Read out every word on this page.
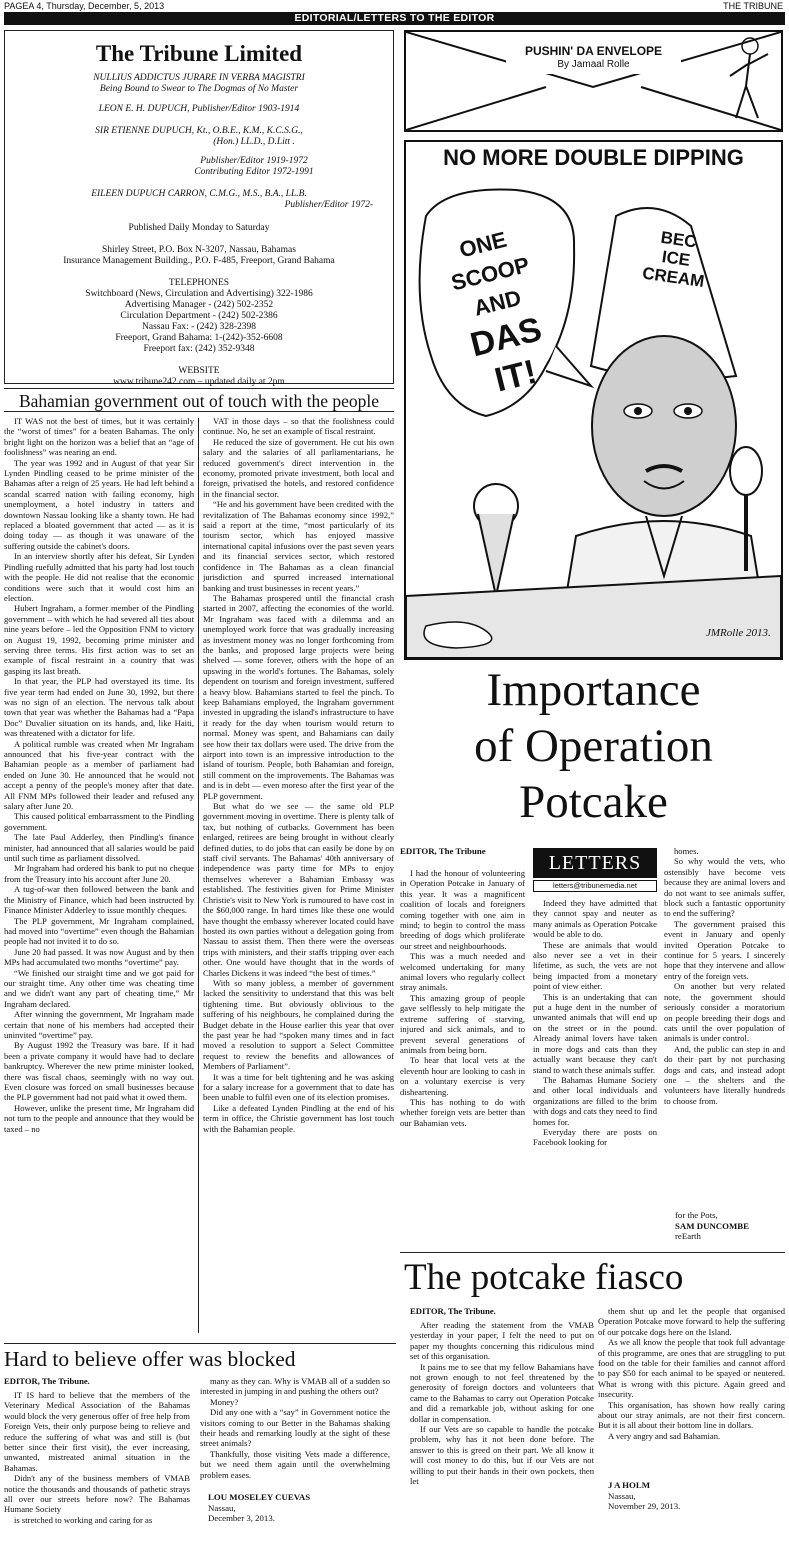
PAGEA 4, Thursday, December, 5, 2013	THE TRIBUNE
EDITORIAL/LETTERS TO THE EDITOR
The Tribune Limited
NULLIUS ADDICTUS JURARE IN VERBA MAGISTRI
Being Bound to Swear to The Dogmas of No Master
LEON E. H. DUPUCH, Publisher/Editor 1903-1914
SIR ETIENNE DUPUCH, Kt., O.B.E., K.M., K.C.S.G.,
(Hon.) LL.D., D.Litt .
Publisher/Editor 1919-1972
Contributing Editor 1972-1991
EILEEN DUPUCH CARRON, C.M.G., M.S., B.A., LL.B.
Publisher/Editor 1972-
Published Daily Monday to Saturday
Shirley Street, P.O. Box N-3207, Nassau, Bahamas
Insurance Management Building., P.O. F-485, Freeport, Grand Bahama
TELEPHONES
Switchboard (News, Circulation and Advertising) 322-1986
Advertising Manager - (242) 502-2352
Circulation Department - (242) 502-2386
Nassau Fax: - (242) 328-2398
Freeport, Grand Bahama: 1-(242)-352-6608
Freeport fax: (242) 352-9348
WEBSITE
www.tribune242.com – updated daily at 2pm
Bahamian government out of touch with the people

IT WAS not the best of times, but it was certainly the “worst of times” for a beaten Bahamas. The only bright light on the horizon was a belief that an “age of foolishness” was nearing an end.

The year was 1992 and in August of that year Sir Lynden Pindling ceased to be prime minister of the Bahamas after a reign of 25 years. He had left behind a scandal scarred nation with failing economy, high unemployment, a hotel industry in tatters and downtown Nassau looking like a shanty town. He had replaced a bloated government that acted — as it is doing today — as though it was unaware of the suffering outside the cabinet's doors.

In an interview shortly after his defeat, Sir Lynden Pindling ruefully admitted that his party had lost touch with the people. He did not realise that the economic conditions were such that it would cost him an election.

Hubert Ingraham, a former member of the Pindling government – with which he had severed all ties about nine years before – led the Opposition FNM to victory on August 19, 1992, becoming prime minister and serving three terms. His first action was to set an example of fiscal restraint in a country that was gasping its last breath.

In that year, the PLP had overstayed its time. Its five year term had ended on June 30, 1992, but there was no sign of an election. The nervous talk about town that year was whether the Bahamas had a “Papa Doc” Duvalier situation on its hands, and, like Haiti, was threatened with a dictator for life.

A political rumble was created when Mr Ingraham announced that his five-year contract with the Bahamian people as a member of parliament had ended on June 30. He announced that he would not accept a penny of the people's money after that date. All FNM MPs followed their leader and refused any salary after June 20.

This caused political embarrassment to the Pindling government.

The late Paul Adderley, then Pindling's finance minister, had announced that all salaries would be paid until such time as parliament dissolved.

Mr Ingraham had ordered his bank to put no cheque from the Treasury into his account after June 20.

A tug-of-war then followed between the bank and the Ministry of Finance, which had been instructed by Finance Minister Adderley to issue monthly cheques.

The PLP government, Mr Ingraham complained, had moved into “overtime” even though the Bahamian people had not invited it to do so.

June 20 had passed. It was now August and by then MPs had accumulated two months “overtime” pay.

“We finished our straight time and we got paid for our straight time. Any other time was cheating time and we didn't want any part of cheating time,” Mr Ingraham declared.

After winning the government, Mr Ingraham made certain that none of his members had accepted their uninvited “overtime” pay.

By August 1992 the Treasury was bare. If it had been a private company it would have had to declare bankruptcy. Wherever the new prime minister looked, there was fiscal chaos, seemingly with no way out. Even closure was forced on small businesses because the PLP government had not paid what it owed them.

However, unlike the present time, Mr Ingraham did not turn to the people and announce that they would be taxed – no

VAT in those days – so that the foolishness could continue. No, he set an example of fiscal restraint.

He reduced the size of government. He cut his own salary and the salaries of all parliamentarians, he reduced government's direct intervention in the economy, promoted private investment, both local and foreign, privatised the hotels, and restored confidence in the financial sector.

“He and his government have been credited with the revitalization of The Bahamas economy since 1992,” said a report at the time, “most particularly of its tourism sector, which has enjoyed massive international capital infusions over the past seven years and its financial services sector, which restored confidence in The Bahamas as a clean financial jurisdiction and spurred increased international banking and trust businesses in recent years.”

The Bahamas prospered until the financial crash started in 2007, affecting the economies of the world. Mr Ingraham was faced with a dilemma and an unemployed work force that was gradually increasing as investment money was no longer forthcoming from the banks, and proposed large projects were being shelved — some forever, others with the hope of an upswing in the world's fortunes. The Bahamas, solely dependent on tourism and foreign investment, suffered a heavy blow. Bahamians started to feel the pinch. To keep Bahamians employed, the Ingraham government invested in upgrading the island's infrastructure to have it ready for the day when tourism would return to normal. Money was spent, and Bahamians can daily see how their tax dollars were used. The drive from the airport into town is an impressive introduction to the island of tourism. People, both Bahamian and foreign, still comment on the improvements. The Bahamas was and is in debt — even moreso after the first year of the PLP government.

But what do we see — the same old PLP government moving in overtime. There is plenty talk of tax, but nothing of cutbacks. Government has been enlarged, retirees are being brought in without clearly defined duties, to do jobs that can easily be done by on staff civil servants. The Bahamas' 40th anniversary of independence was party time for MPs to enjoy themselves wherever a Bahamian Embassy was established. The festivities given for Prime Minister Christie's visit to New York is rumoured to have cost in the $60,000 range. In hard times like these one would have thought the embassy wherever located could have hosted its own parties without a delegation going from Nassau to assist them. Then there were the overseas trips with ministers, and their staffs tripping over each other. One would have thought that in the words of Charles Dickens it was indeed “the best of times.”

With so many jobless, a member of government lacked the sensitivity to understand that this was belt tightening time. But obviously oblivious to the suffering of his neighbours, he complained during the Budget debate in the House earlier this year that over the past year he had “spoken many times and in fact moved a resolution to support a Select Committee request to review the benefits and allowances of Members of Parliament”.

It was a time for belt tightening and he was asking for a salary increase for a government that to date has been unable to fulfil even one of its election promises.

Like a defeated Lynden Pindling at the end of his term in office, the Christie government has lost touch with the Bahamian people.

PUSHIN' DA ENVELOPE
By Jamaal Rolle
NO MORE DOUBLE DIPPING
ONE
SCOOP AND
DAS
IT!
BEC
ICE
CREAM
JMRolle 2013.
Importance
of Operation
Potcake
EDITOR, The Tribune

I had the honour of volunteering in Operation Potcake in January of this year. It was a magnificent coalition of locals and foreigners coming together with one aim in mind; to begin to control the mass breeding of dogs which proliferate our street and neighbourhoods.

This was a much needed and welcomed undertaking for many animal lovers who regularly collect stray animals.

This amazing group of people gave selflessly to help mitigate the extreme suffering of starving, injured and sick animals, and to prevent several generations of animals from being born.

To hear that local vets at the eleventh hour are looking to cash in on a voluntary exercise is very disheartening.

This has nothing to do with whether foreign vets are better than our Bahamian vets.

LETTERS
letters@tribunemedia.net

Indeed they have admitted that they cannot spay and neuter as many animals as Operation Potcake would be able to do.

These are animals that would also never see a vet in their lifetime, as such, the vets are not being impacted from a monetary point of view either.

This is an undertaking that can put a huge dent in the number of unwanted animals that will end up on the street or in the pound. Already animal lovers have taken in more dogs and cats than they actually want because they can't stand to watch these animals suffer.

The Bahamas Humane Society and other local individuals and organizations are filled to the brim with dogs and cats they need to find homes for.

Everyday there are posts on Facebook looking for

homes.

So why would the vets, who ostensibly have become vets because they are animal lovers and do not want to see animals suffer, block such a fantastic opportunity to end the suffering?

The government praised this event in January and openly invited Operation Potcake to continue for 5 years. I sincerely hope that they intervene and allow entry of the foreign vets.

On another but very related note, the government should seriously consider a moratorium on people breeding their dogs and cats until the over population of animals is under control.

And, the public can step in and do their part by not purchasing dogs and cats, and instead adopt one – the shelters and the volunteers have literally hundreds to choose from.

for the Pots,
SAM DUNCOMBE
reEarth
The potcake fiasco
EDITOR, The Tribune.

After reading the statement from the VMAB yesterday in your paper, I felt the need to put on paper my thoughts concerning this ridiculous mind set of this organisation.

It pains me to see that my fellow Bahamians have not grown enough to not feel threatened by the generosity of foreign doctors and volunteers that came to the Bahamas to carry out Operation Potcake and did a remarkable job, without asking for one dollar in compensation.

If our Vets are so capable to handle the potcake problem, why has it not been done before. The answer to this is greed on their part. We all know it will cost money to do this, but if our Vets are not willing to put their hands in their own pockets, then let

them shut up and let the people that organised Operation Potcake move forward to help the suffering of our potcake dogs here on the Island.

As we all know the people that took full advantage of this programme, are ones that are struggling to put food on the table for their families and cannot afford to pay $50 for each animal to be spayed or neutered. What is wrong with this picture. Again greed and insecurity.

This organisation, has shown how really caring about our stray animals, are not their first concern. But it is all about their bottom line in dollars.

A very angry and sad Bahamian.

J A HOLM
Nassau,
November 29, 2013.
Hard to believe offer was blocked
EDITOR, The Tribune.

IT IS hard to believe that the members of the Veterinary Medical Association of the Bahamas would block the very generous offer of free help from Foreign Vets, their only purpose being to relieve and reduce the suffering of what was and still is (but better since their first visit), the ever increasing, unwanted, mistreated animal situation in the Bahamas.

Didn't any of the business members of VMAB notice the thousands and thousands of pathetic strays all over our streets before now? The Bahamas Humane Society

is stretched to working and caring for as

many as they can. Why is VMAB all of a sudden so interested in jumping in and pushing the others out?

Money?

Did any one with a “say” in Government notice the visitors coming to our Better in the Bahamas shaking their heads and remarking loudly at the sight of these street animals?

Thankfully, those visiting Vets made a difference, but we need them again until the overwhelming problem eases.

LOU MOSELEY CUEVAS
Nassau,
December 3, 2013.
